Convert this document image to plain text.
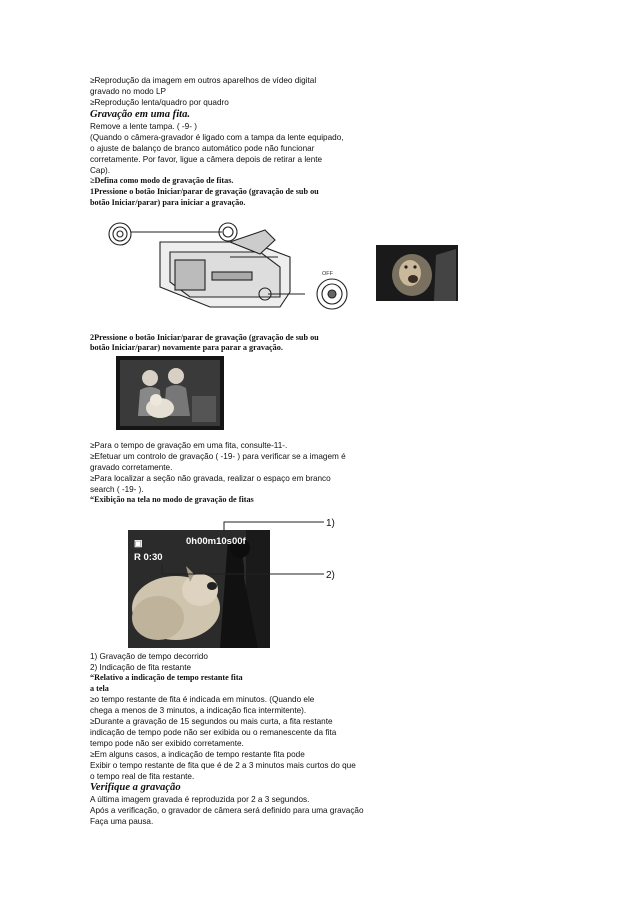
≥Reprodução da imagem em outros aparelhos de vídeo digital
gravado no modo LP
≥Reprodução lenta/quadro por quadro
Gravação em uma fita.
Remove a lente tampa. ( -9- )
(Quando o câmera-gravador é ligado com a tampa da lente equipado,
o ajuste de balanço de branco automático pode não funcionar
corretamente. Por favor, ligue a câmera depois de retirar a lente
Cap).
≥Defina como modo de gravação de fitas.
1Pressione o botão Iniciar/parar de gravação (gravação de sub ou
botão Iniciar/parar) para iniciar a gravação.
OFF
2Pressione o botão Iniciar/parar de gravação (gravação de sub ou
botão Iniciar/parar) novamente para parar a gravação.
≥Para o tempo de gravação em uma fita, consulte-11-.
≥Efetuar um controlo de gravação ( -19- ) para verificar se a imagem é
gravado corretamente.
≥Para localizar a seção não gravada, realizar o espaço em branco
search ( -19- ).
“Exibição na tela no modo de gravação de fitas
▣	0h00m10s00f
R 0:30
1)
2)
1) Gravação de tempo decorrido
2) Indicação de fita restante
“Relativo a indicação de tempo restante fita
a tela
≥o tempo restante de fita é indicada em minutos. (Quando ele
chega a menos de 3 minutos, a indicação fica intermitente).
≥Durante a gravação de 15 segundos ou mais curta, a fita restante
indicação de tempo pode não ser exibida ou o remanescente da fita
tempo pode não ser exibido corretamente.
≥Em alguns casos, a indicação de tempo restante fita pode
Exibir o tempo restante de fita que é de 2 a 3 minutos mais curtos do que
o tempo real de fita restante.
Verifique a gravação
A última imagem gravada é reproduzida por 2 a 3 segundos.
Após a verificação, o gravador de câmera será definido para uma gravação
Faça uma pausa.
